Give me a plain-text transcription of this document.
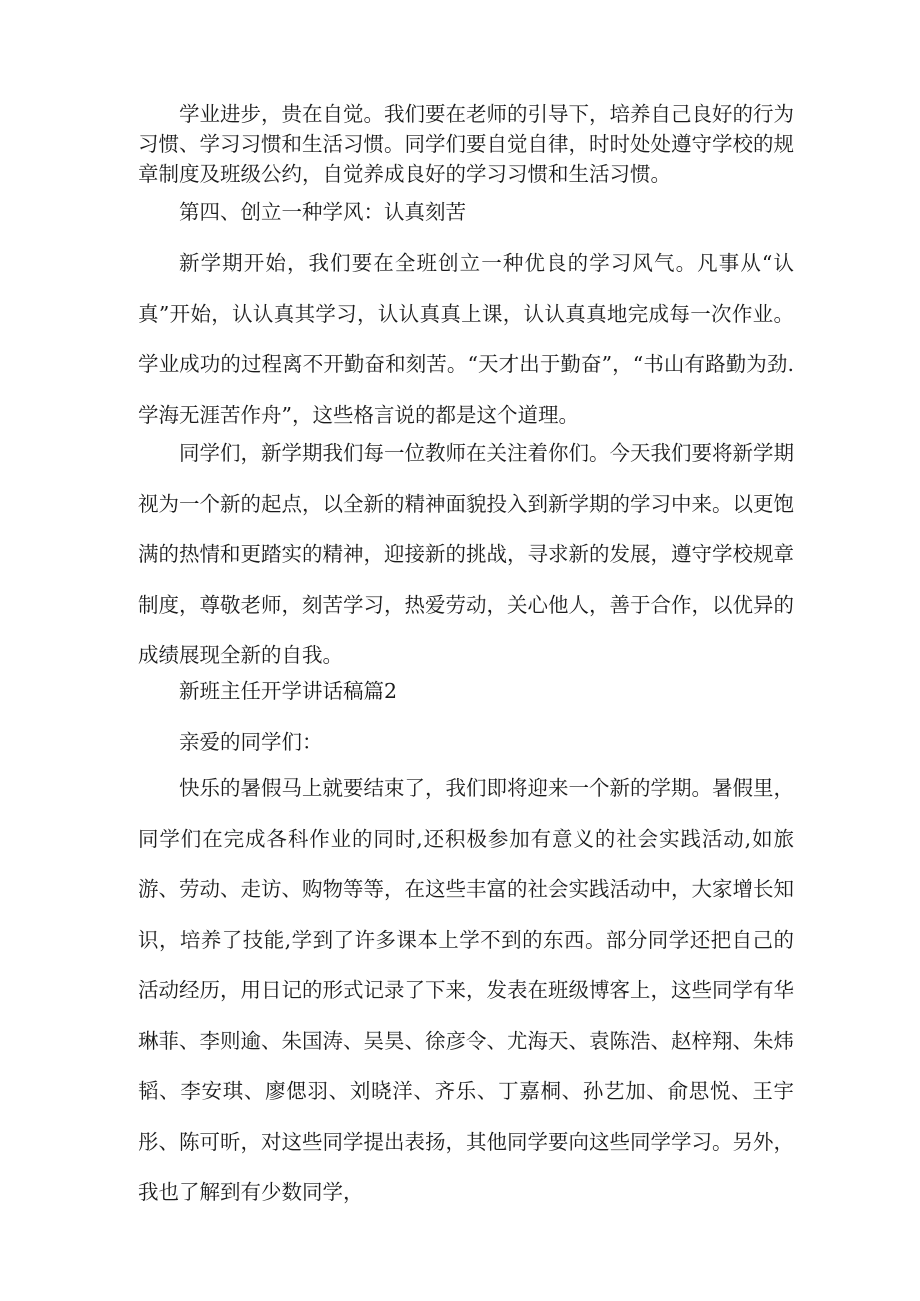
学业进步，贵在自觉。我们要在老师的引导下，培养自己良好的行为习惯、学习习惯和生活习惯。同学们要自觉自律，时时处处遵守学校的规章制度及班级公约，自觉养成良好的学习习惯和生活习惯。

第四、创立一种学风：认真刻苦

新学期开始，我们要在全班创立一种优良的学习风气。凡事从“认真”开始，认认真其学习，认认真真上课，认认真真地完成每一次作业。学业成功的过程离不开勤奋和刻苦。“天才出于勤奋”，“书山有路勤为劲.学海无涯苦作舟”，这些格言说的都是这个道理。

同学们，新学期我们每一位教师在关注着你们。今天我们要将新学期视为一个新的起点，以全新的精神面貌投入到新学期的学习中来。以更饱满的热情和更踏实的精神，迎接新的挑战，寻求新的发展，遵守学校规章制度，尊敬老师，刻苦学习，热爱劳动，关心他人，善于合作，以优异的成绩展现全新的自我。

新班主任开学讲话稿篇2

亲爱的同学们：

快乐的暑假马上就要结束了，我们即将迎来一个新的学期。暑假里，同学们在完成各科作业的同时,还积极参加有意义的社会实践活动,如旅游、劳动、走访、购物等等，在这些丰富的社会实践活动中，大家增长知识，培养了技能,学到了许多课本上学不到的东西。部分同学还把自己的活动经历，用日记的形式记录了下来，发表在班级博客上，这些同学有华琳菲、李则逾、朱国涛、吴昊、徐彦令、尤海天、袁陈浩、赵梓翔、朱炜韬、李安琪、廖偲羽、刘晓洋、齐乐、丁嘉桐、孙艺加、俞思悦、王宇彤、陈可昕，对这些同学提出表扬，其他同学要向这些同学学习。另外，我也了解到有少数同学，
